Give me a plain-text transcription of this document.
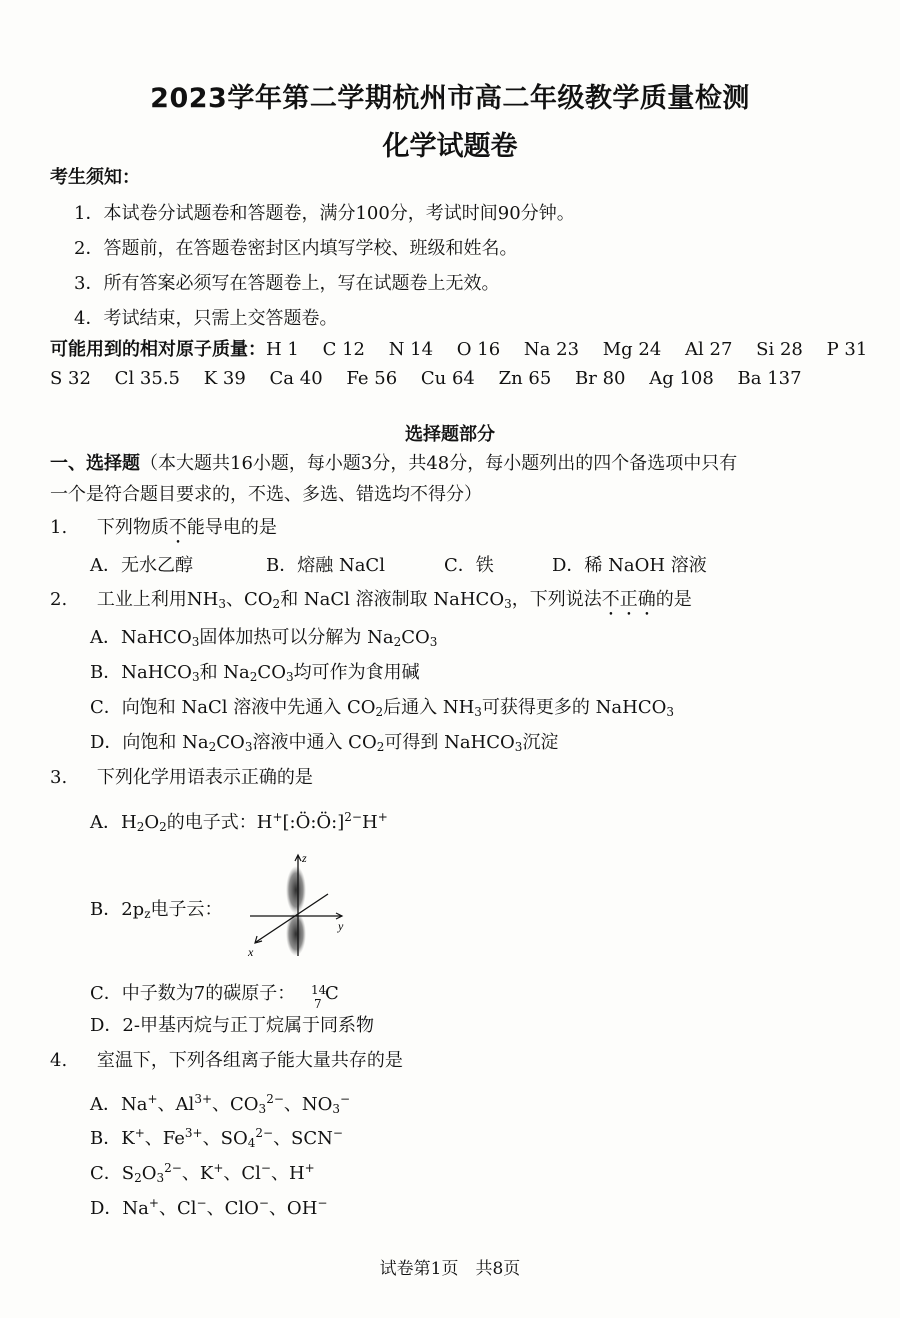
2023学年第二学期杭州市高二年级教学质量检测
化学试题卷
考生须知：
1．本试卷分试题卷和答题卷，满分100分，考试时间90分钟。
2．答题前，在答题卷密封区内填写学校、班级和姓名。
3．所有答案必须写在答题卷上，写在试题卷上无效。
4．考试结束，只需上交答题卷。
可能用到的相对原子质量：H 1　 C 12　 N 14　 O 16　 Na 23　 Mg 24　 Al 27　 Si 28　 P 31
S 32　 Cl 35.5　 K 39　 Ca 40　 Fe 56　 Cu 64　 Zn 65　 Br 80　 Ag 108　 Ba 137
选择题部分
一、选择题（本大题共16小题，每小题3分，共48分，每小题列出的四个备选项中只有
一个是符合题目要求的，不选、多选、错选均不得分）
1. 下列物质不能导电的是
A．无水乙醇	B．熔融 NaCl	C．铁	D．稀 NaOH 溶液
2. 工业上利用$NH_3$、$CO_2$和 NaCl 溶液制取 NaHCO$_3$，下列说法不正确的是
A．NaHCO$_3$固体加热可以分解为 $Na_2CO_3$
B．NaHCO$_3$和 $Na_2CO_3$均可作为食用碱
C．向饱和 NaCl 溶液中先通入 $CO_2$后通入 $NH_3$可获得更多的 NaHCO$_3$
D．向饱和 $Na_2CO_3$溶液中通入 $CO_2$可得到 NaHCO$_3$沉淀
3. 下列化学用语表示正确的是
A．$H_2O_2$的电子式：H+[:Ö:Ö:]$^{2-}$H+
B．$2p_z$电子云：
z
y
x
C．中子数为7的碳原子： 14
7 C
D．2-甲基丙烷与正丁烷属于同系物
4. 室温下，下列各组离子能大量共存的是
A．Na+、$Al^{3+}$、$CO_3^{2-}$、$NO_3^-$
B．K+、$Fe^{3+}$、$SO_4^{2-}$、SCN−
C．$S_2O_3^{2-}$、K+、Cl−、H+
D．Na+、Cl−、ClO−、OH−
试卷第1页　共8页
